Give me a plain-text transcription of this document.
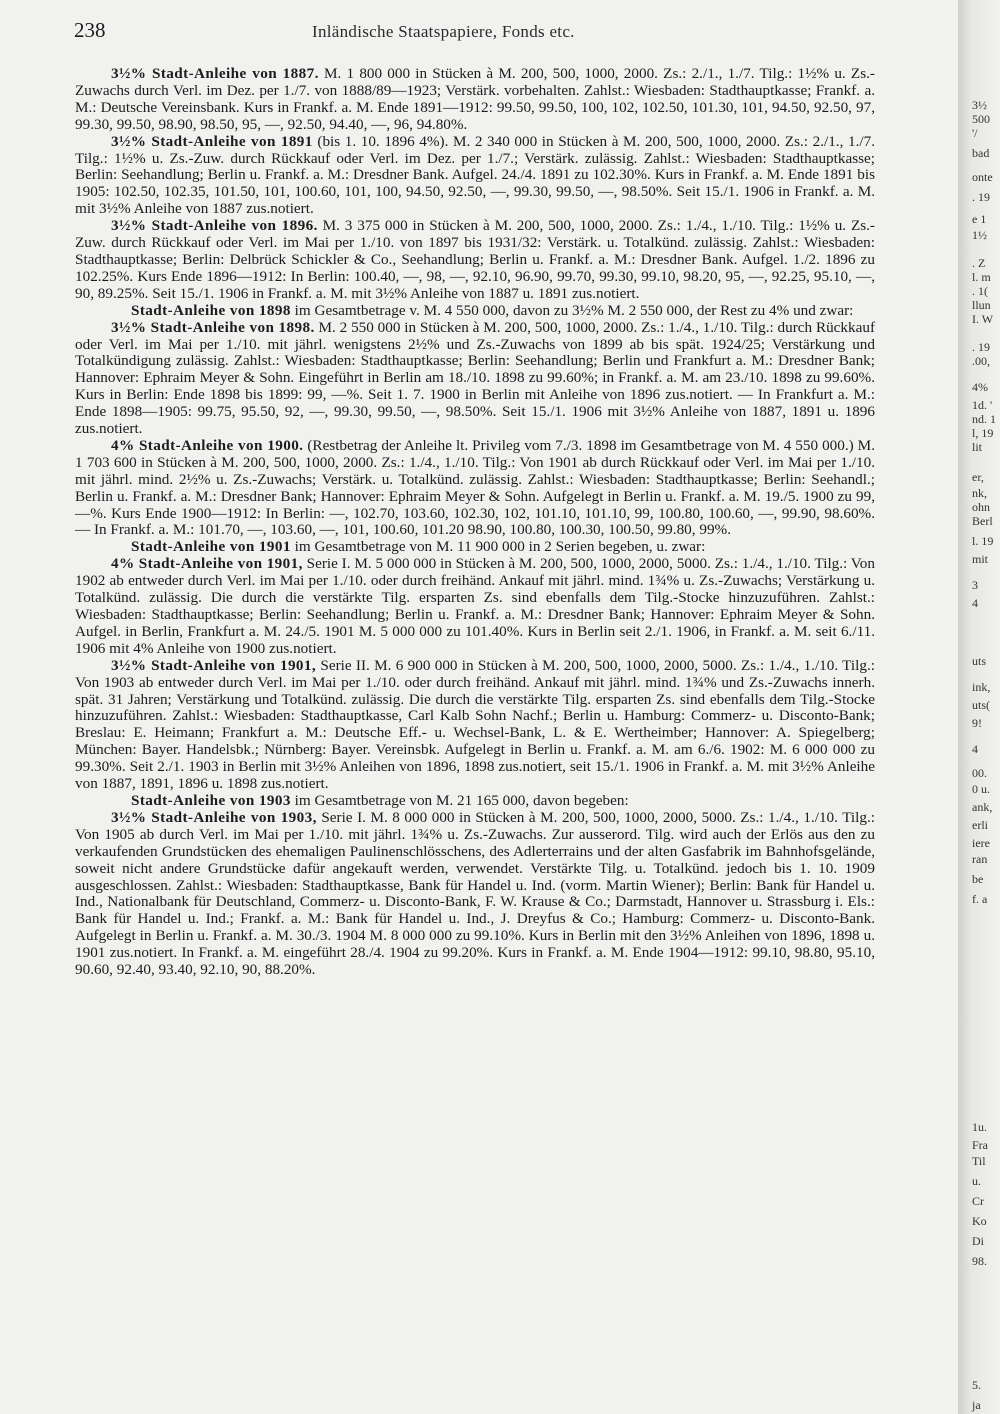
238	Inländische Staatspapiere, Fonds etc.

3½% Stadt-Anleihe von 1887. M. 1 800 000 in Stücken à M. 200, 500, 1000, 2000. Zs.: 2./1., 1./7. Tilg.: 1½% u. Zs.-Zuwachs durch Verl. im Dez. per 1./7. von 1888/89—1923; Verstärk. vorbehalten. Zahlst.: Wiesbaden: Stadthauptkasse; Frankf. a. M.: Deutsche Vereinsbank. Kurs in Frankf. a. M. Ende 1891—1912: 99.50, 99.50, 100, 102, 102.50, 101.30, 101, 94.50, 92.50, 97, 99.30, 99.50, 98.90, 98.50, 95, —, 92.50, 94.40, —, 96, 94.80%.

3½% Stadt-Anleihe von 1891 (bis 1. 10. 1896 4%). M. 2 340 000 in Stücken à M. 200, 500, 1000, 2000. Zs.: 2./1., 1./7. Tilg.: 1½% u. Zs.-Zuw. durch Rückkauf oder Verl. im Dez. per 1./7.; Verstärk. zulässig. Zahlst.: Wiesbaden: Stadthauptkasse; Berlin: Seehandlung; Berlin u. Frankf. a. M.: Dresdner Bank. Aufgel. 24./4. 1891 zu 102.30%. Kurs in Frankf. a. M. Ende 1891 bis 1905: 102.50, 102.35, 101.50, 101, 100.60, 101, 100, 94.50, 92.50, —, 99.30, 99.50, —, 98.50%. Seit 15./1. 1906 in Frankf. a. M. mit 3½% Anleihe von 1887 zus.notiert.

3½% Stadt-Anleihe von 1896. M. 3 375 000 in Stücken à M. 200, 500, 1000, 2000. Zs.: 1./4., 1./10. Tilg.: 1½% u. Zs.-Zuw. durch Rückkauf oder Verl. im Mai per 1./10. von 1897 bis 1931/32: Verstärk. u. Totalkünd. zulässig. Zahlst.: Wiesbaden: Stadthauptkasse; Berlin: Delbrück Schickler & Co., Seehandlung; Berlin u. Frankf. a. M.: Dresdner Bank. Aufgel. 1./2. 1896 zu 102.25%. Kurs Ende 1896—1912: In Berlin: 100.40, —, 98, —, 92.10, 96.90, 99.70, 99.30, 99.10, 98.20, 95, —, 92.25, 95.10, —, 90, 89.25%. Seit 15./1. 1906 in Frankf. a. M. mit 3½% Anleihe von 1887 u. 1891 zus.notiert.

Stadt-Anleihe von 1898 im Gesamtbetrage v. M. 4 550 000, davon zu 3½% M. 2 550 000, der Rest zu 4% und zwar:

3½% Stadt-Anleihe von 1898. M. 2 550 000 in Stücken à M. 200, 500, 1000, 2000. Zs.: 1./4., 1./10. Tilg.: durch Rückkauf oder Verl. im Mai per 1./10. mit jährl. wenigstens 2½% und Zs.-Zuwachs von 1899 ab bis spät. 1924/25; Verstärkung und Totalkündigung zulässig. Zahlst.: Wiesbaden: Stadthauptkasse; Berlin: Seehandlung; Berlin und Frankfurt a. M.: Dresdner Bank; Hannover: Ephraim Meyer & Sohn. Eingeführt in Berlin am 18./10. 1898 zu 99.60%; in Frankf. a. M. am 23./10. 1898 zu 99.60%. Kurs in Berlin: Ende 1898 bis 1899: 99, —%. Seit 1. 7. 1900 in Berlin mit Anleihe von 1896 zus.notiert. — In Frankfurt a. M.: Ende 1898—1905: 99.75, 95.50, 92, —, 99.30, 99.50, —, 98.50%. Seit 15./1. 1906 mit 3½% Anleihe von 1887, 1891 u. 1896 zus.notiert.

4% Stadt-Anleihe von 1900. (Restbetrag der Anleihe lt. Privileg vom 7./3. 1898 im Gesamtbetrage von M. 4 550 000.) M. 1 703 600 in Stücken à M. 200, 500, 1000, 2000. Zs.: 1./4., 1./10. Tilg.: Von 1901 ab durch Rückkauf oder Verl. im Mai per 1./10. mit jährl. mind. 2½% u. Zs.-Zuwachs; Verstärk. u. Totalkünd. zulässig. Zahlst.: Wiesbaden: Stadthauptkasse; Berlin: Seehandl.; Berlin u. Frankf. a. M.: Dresdner Bank; Hannover: Ephraim Meyer & Sohn. Aufgelegt in Berlin u. Frankf. a. M. 19./5. 1900 zu 99,—%. Kurs Ende 1900—1912: In Berlin: —, 102.70, 103.60, 102.30, 102, 101.10, 101.10, 99, 100.80, 100.60, —, 99.90, 98.60%. — In Frankf. a. M.: 101.70, —, 103.60, —, 101, 100.60, 101.20 98.90, 100.80, 100.30, 100.50, 99.80, 99%.

Stadt-Anleihe von 1901 im Gesamtbetrage von M. 11 900 000 in 2 Serien begeben, u. zwar:

4% Stadt-Anleihe von 1901, Serie I. M. 5 000 000 in Stücken à M. 200, 500, 1000, 2000, 5000. Zs.: 1./4., 1./10. Tilg.: Von 1902 ab entweder durch Verl. im Mai per 1./10. oder durch freihänd. Ankauf mit jährl. mind. 1¾% u. Zs.-Zuwachs; Verstärkung u. Totalkünd. zulässig. Die durch die verstärkte Tilg. ersparten Zs. sind ebenfalls dem Tilg.-Stocke hinzuzuführen. Zahlst.: Wiesbaden: Stadthauptkasse; Berlin: Seehandlung; Berlin u. Frankf. a. M.: Dresdner Bank; Hannover: Ephraim Meyer & Sohn. Aufgel. in Berlin, Frankfurt a. M. 24./5. 1901 M. 5 000 000 zu 101.40%. Kurs in Berlin seit 2./1. 1906, in Frankf. a. M. seit 6./11. 1906 mit 4% Anleihe von 1900 zus.notiert.

3½% Stadt-Anleihe von 1901, Serie II. M. 6 900 000 in Stücken à M. 200, 500, 1000, 2000, 5000. Zs.: 1./4., 1./10. Tilg.: Von 1903 ab entweder durch Verl. im Mai per 1./10. oder durch freihänd. Ankauf mit jährl. mind. 1¾% und Zs.-Zuwachs innerh. spät. 31 Jahren; Verstärkung und Totalkünd. zulässig. Die durch die verstärkte Tilg. ersparten Zs. sind ebenfalls dem Tilg.-Stocke hinzuzuführen. Zahlst.: Wiesbaden: Stadthauptkasse, Carl Kalb Sohn Nachf.; Berlin u. Hamburg: Commerz- u. Disconto-Bank; Breslau: E. Heimann; Frankfurt a. M.: Deutsche Eff.- u. Wechsel-Bank, L. & E. Wertheimber; Hannover: A. Spiegelberg; München: Bayer. Handelsbk.; Nürnberg: Bayer. Vereinsbk. Aufgelegt in Berlin u. Frankf. a. M. am 6./6. 1902: M. 6 000 000 zu 99.30%. Seit 2./1. 1903 in Berlin mit 3½% Anleihen von 1896, 1898 zus.notiert, seit 15./1. 1906 in Frankf. a. M. mit 3½% Anleihe von 1887, 1891, 1896 u. 1898 zus.notiert.

Stadt-Anleihe von 1903 im Gesamtbetrage von M. 21 165 000, davon begeben:

3½% Stadt-Anleihe von 1903, Serie I. M. 8 000 000 in Stücken à M. 200, 500, 1000, 2000, 5000. Zs.: 1./4., 1./10. Tilg.: Von 1905 ab durch Verl. im Mai per 1./10. mit jährl. 1¾% u. Zs.-Zuwachs. Zur ausserord. Tilg. wird auch der Erlös aus den zu verkaufenden Grundstücken des ehemaligen Paulinenschlösschens, des Adlerterrains und der alten Gasfabrik im Bahnhofsgelände, soweit nicht andere Grundstücke dafür angekauft werden, verwendet. Verstärkte Tilg. u. Totalkünd. jedoch bis 1. 10. 1909 ausgeschlossen. Zahlst.: Wiesbaden: Stadthauptkasse, Bank für Handel u. Ind. (vorm. Martin Wiener); Berlin: Bank für Handel u. Ind., Nationalbank für Deutschland, Commerz- u. Disconto-Bank, F. W. Krause & Co.; Darmstadt, Hannover u. Strassburg i. Els.: Bank für Handel u. Ind.; Frankf. a. M.: Bank für Handel u. Ind., J. Dreyfus & Co.; Hamburg: Commerz- u. Disconto-Bank. Aufgelegt in Berlin u. Frankf. a. M. 30./3. 1904 M. 8 000 000 zu 99.10%. Kurs in Berlin mit den 3½% Anleihen von 1896, 1898 u. 1901 zus.notiert. In Frankf. a. M. eingeführt 28./4. 1904 zu 99.20%. Kurs in Frankf. a. M. Ende 1904—1912: 99.10, 98.80, 95.10, 90.60, 92.40, 93.40, 92.10, 90, 88.20%.

3½
500
'/
bad
onte
. 19
e 1
1½
. Z
l. m
. 1(
llun
I. W
. 19
.00,
4%
1d. '
nd. 1
l, 19
lit
er,
nk,
ohn
Berl
l. 19
mit
3
4
uts
ink,
uts(
9!
4
00.
0 u.
ank,
erli
iere
ran
be
f. a
1u.
Fra
Til
u.
Cr
Ko
Di
98.
5.
ja
